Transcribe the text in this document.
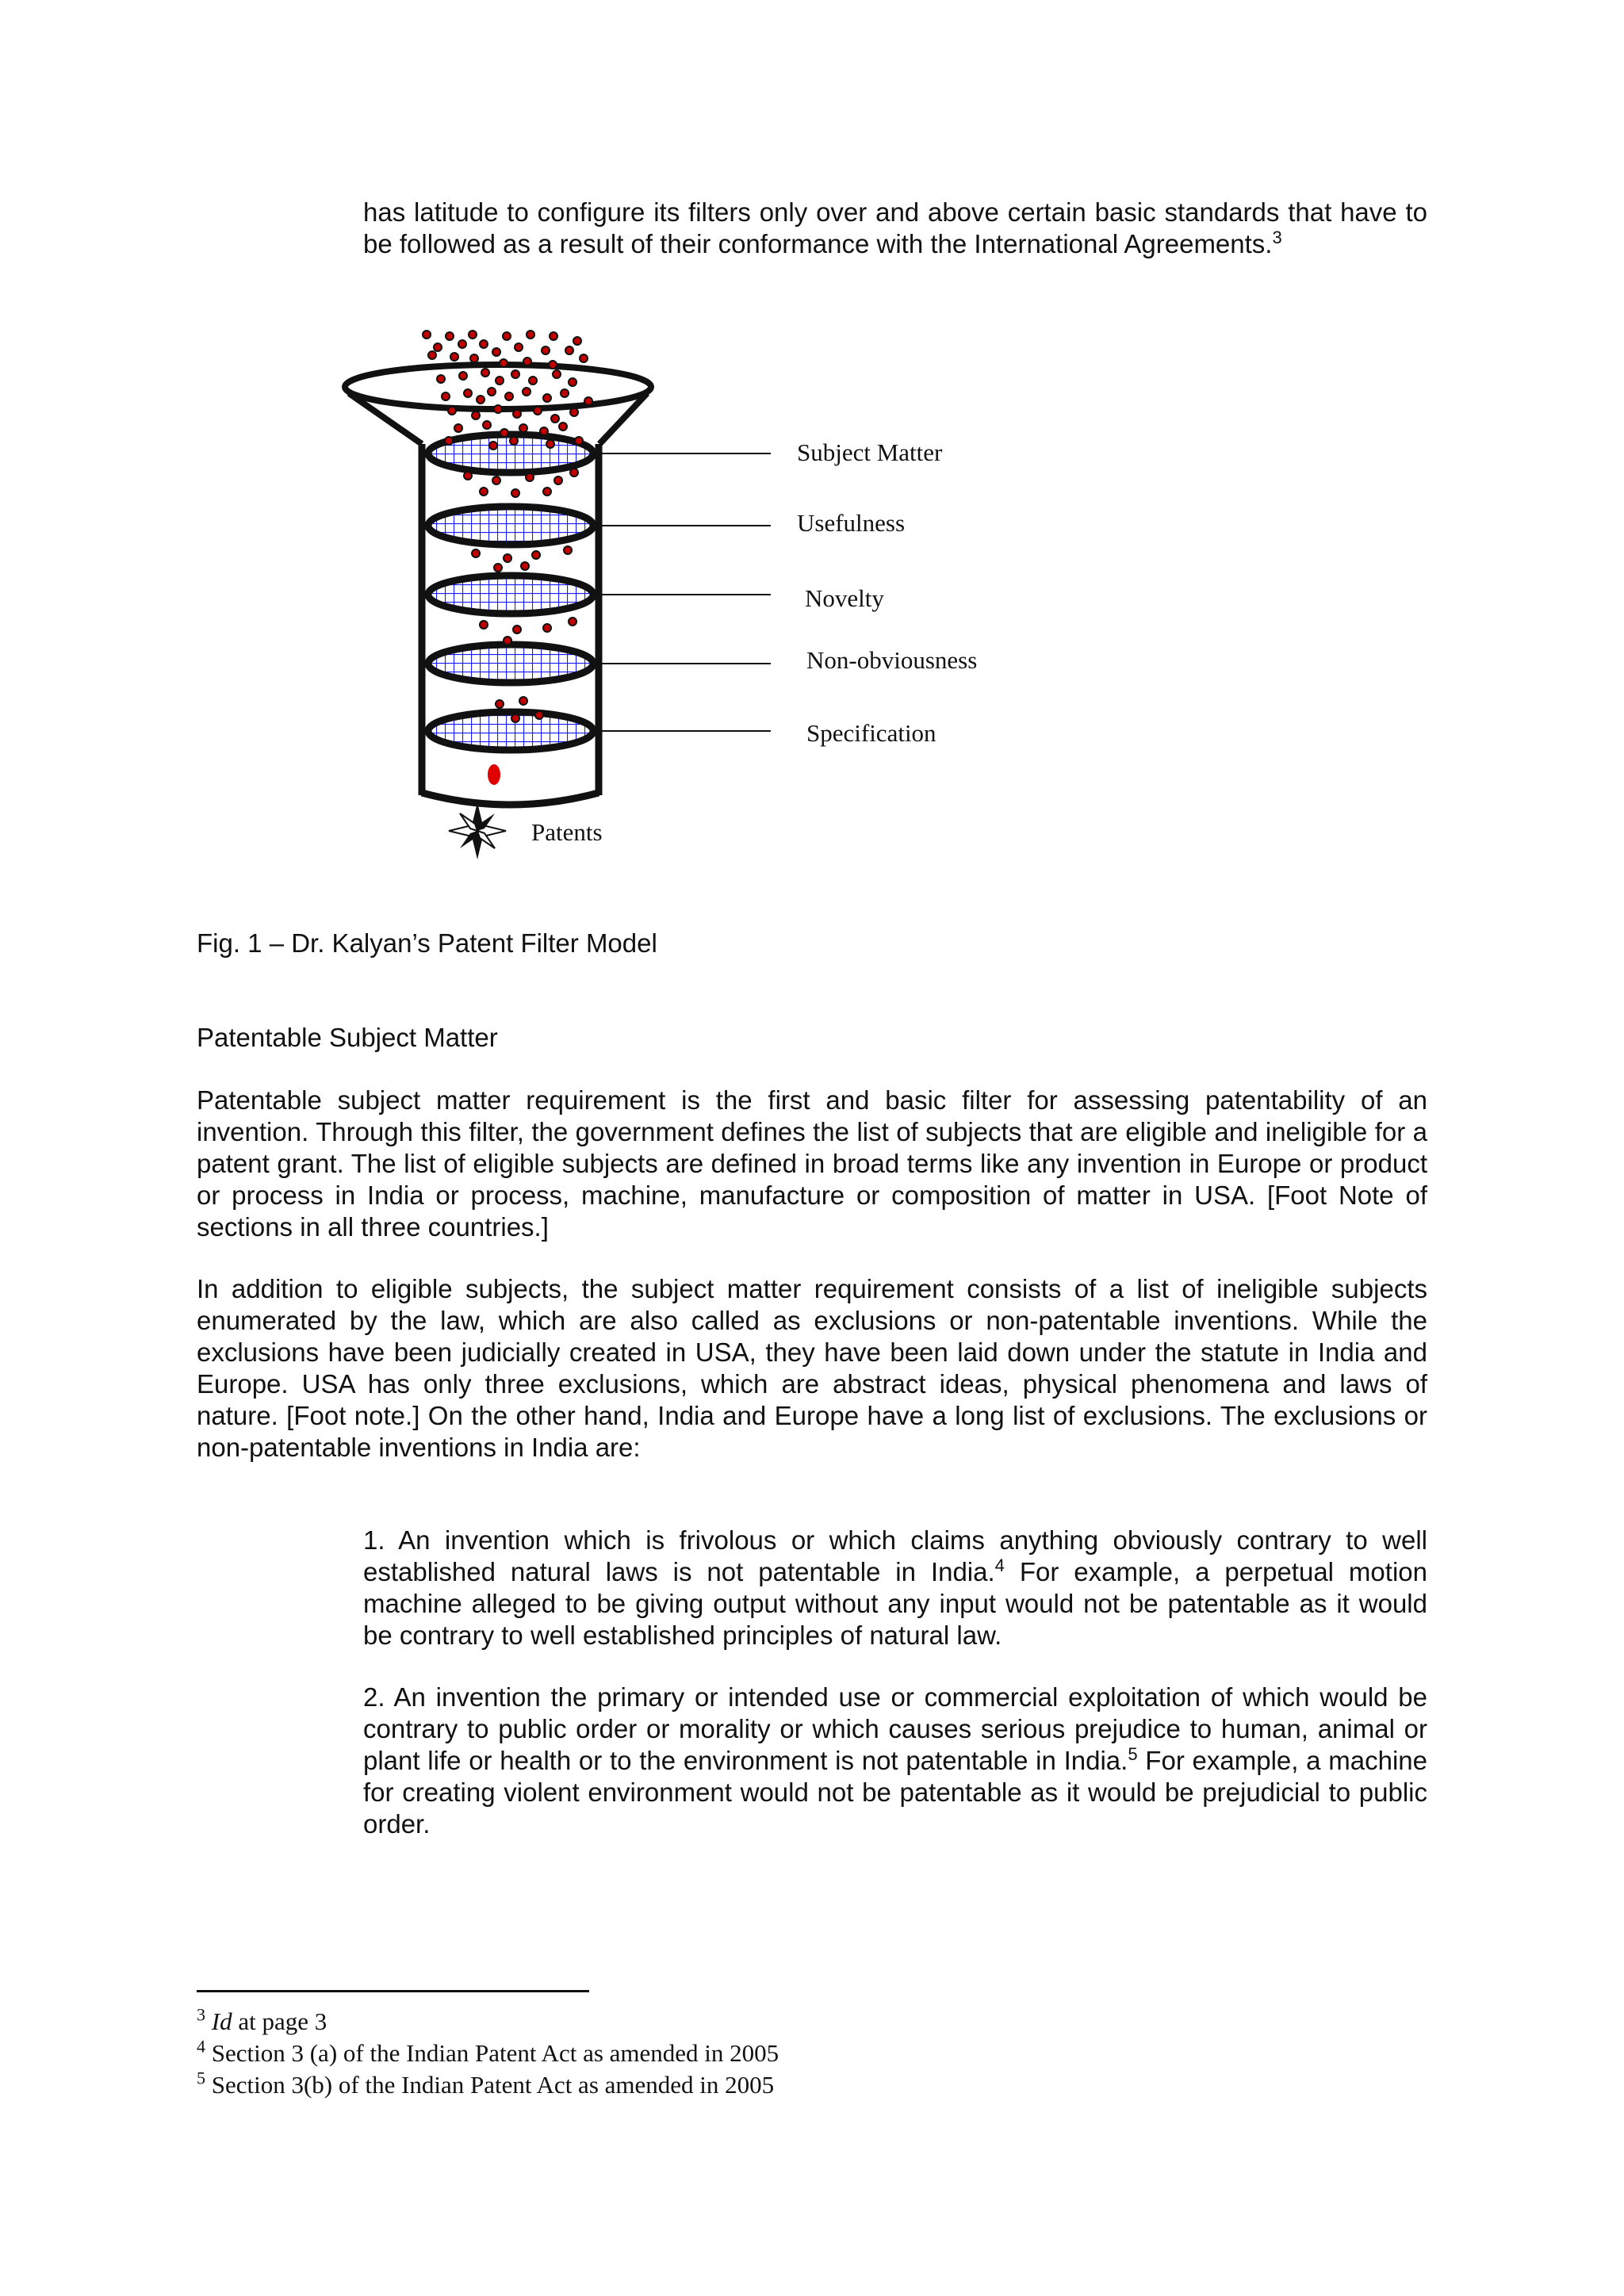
has latitude to configure its filters only over and above certain basic standards that have to be followed as a result of their conformance with the International Agreements.$^3$
Subject Matter
Usefulness
Novelty
Non-obviousness
Specification
Patents
Fig. 1 – Dr. Kalyan’s Patent Filter Model
Patentable Subject Matter
Patentable subject matter requirement is the first and basic filter for assessing patentability of an invention. Through this filter, the government defines the list of subjects that are eligible and ineligible for a patent grant. The list of eligible subjects are defined in broad terms like any invention in Europe or product or process in India or process, machine, manufacture or composition of matter in USA. [Foot Note of sections in all three countries.]
In addition to eligible subjects, the subject matter requirement consists of a list of ineligible subjects enumerated by the law, which are also called as exclusions or non-patentable inventions. While the exclusions have been judicially created in USA, they have been laid down under the statute in India and Europe. USA has only three exclusions, which are abstract ideas, physical phenomena and laws of nature. [Foot note.] On the other hand, India and Europe have a long list of exclusions. The exclusions or non-patentable inventions in India are:
1. An invention which is frivolous or which claims anything obviously contrary to well established natural laws is not patentable in India.$^4$ For example, a perpetual motion machine alleged to be giving output without any input would not be patentable as it would be contrary to well established principles of natural law.
2. An invention the primary or intended use or commercial exploitation of which would be contrary to public order or morality or which causes serious prejudice to human, animal or plant life or health or to the environment is not patentable in India.$^5$ For example, a machine for creating violent environment would not be patentable as it would be prejudicial to public order.
$^3$ Id at page 3
$^4$ Section 3 (a) of the Indian Patent Act as amended in 2005
$^5$ Section 3(b) of the Indian Patent Act as amended in 2005
